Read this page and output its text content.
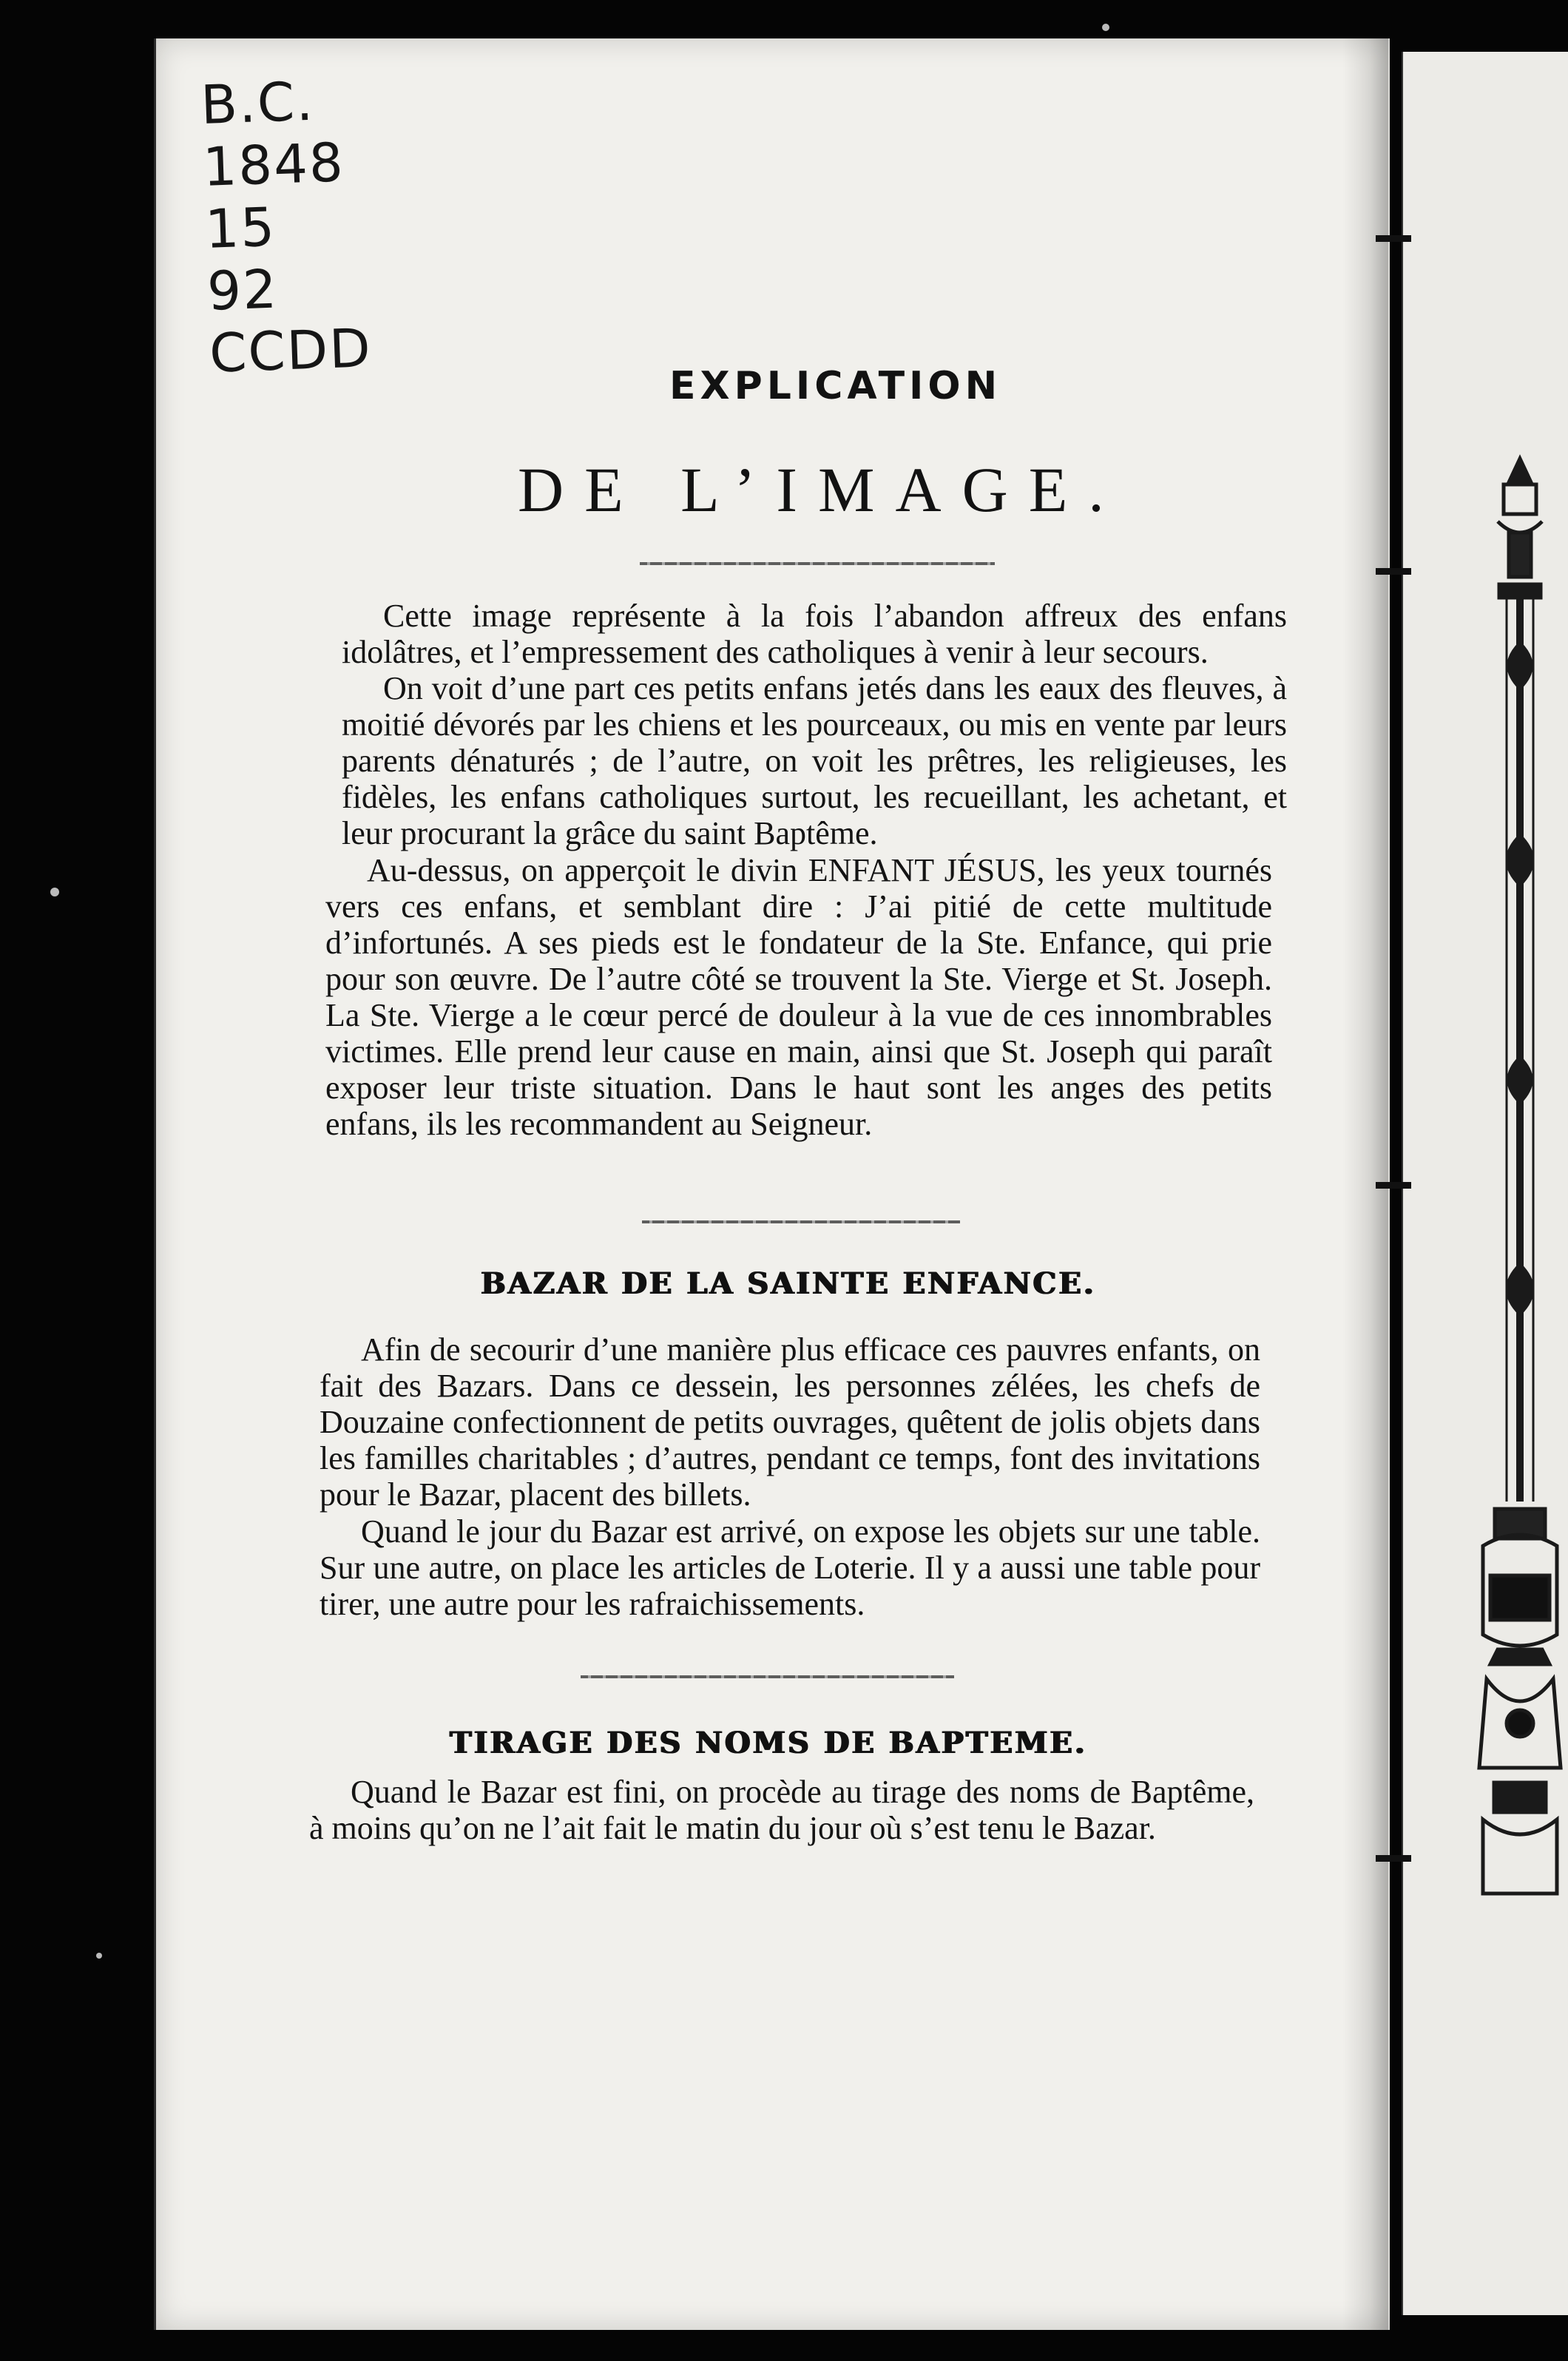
B.C.
1848
15
92
CCDD
EXPLICATION
DE L’IMAGE.

Cette image représente à la fois l’abandon affreux des enfans idolâtres, et l’empressement des catholiques à venir à leur secours.

On voit d’une part ces petits enfans jetés dans les eaux des fleuves, à moitié dévorés par les chiens et les pourceaux, ou mis en vente par leurs parents dénaturés ; de l’autre, on voit les prêtres, les religieuses, les fidèles, les enfans catholiques surtout, les recueillant, les achetant, et leur procurant la grâce du saint Baptême.

Au-dessus, on apperçoit le divin ENFANT JÉSUS, les yeux tournés vers ces enfans, et semblant dire : J’ai pitié de cette multitude d’infortunés. A ses pieds est le fondateur de la Ste. Enfance, qui prie pour son œuvre. De l’autre côté se trouvent la Ste. Vierge et St. Joseph. La Ste. Vierge a le cœur percé de douleur à la vue de ces innombrables victimes. Elle prend leur cause en main, ainsi que St. Joseph qui paraît exposer leur triste situation. Dans le haut sont les anges des petits enfans, ils les recommandent au Seigneur.

BAZAR DE LA SAINTE ENFANCE.

Afin de secourir d’une manière plus efficace ces pauvres enfants, on fait des Bazars. Dans ce dessein, les personnes zélées, les chefs de Douzaine confectionnent de petits ouvrages, quêtent de jolis objets dans les familles charitables ; d’autres, pendant ce temps, font des invitations pour le Bazar, placent des billets.

Quand le jour du Bazar est arrivé, on expose les objets sur une table. Sur une autre, on place les articles de Loterie. Il y a aussi une table pour tirer, une autre pour les rafraichissements.

TIRAGE DES NOMS DE BAPTEME.

Quand le Bazar est fini, on procède au tirage des noms de Baptême, à moins qu’on ne l’ait fait le matin du jour où s’est tenu le Bazar.
